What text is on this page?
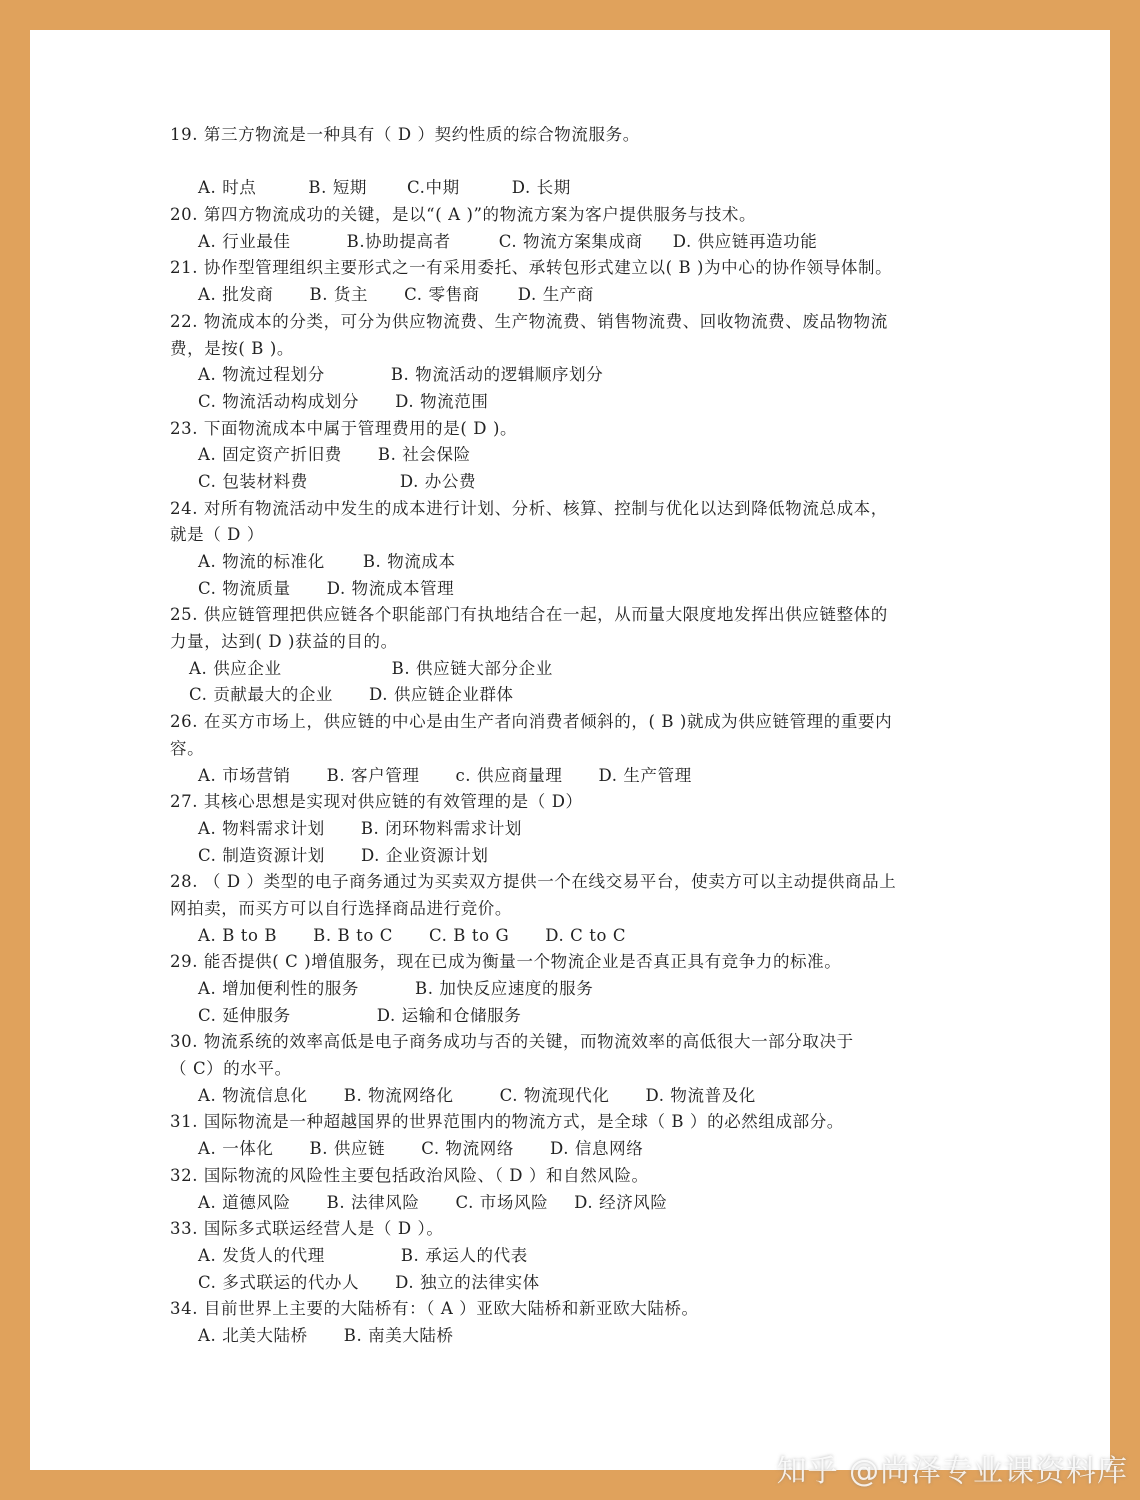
19. 第三方物流是一种具有（ D ）契约性质的综合物流服务。
A. 时点	B. 短期 C.中期	D. 长期
20. 第四方物流成功的关键，是以“( A )”的物流方案为客户提供服务与技术。
A. 行业最佳	B.协助提高者	C. 物流方案集成商 D. 供应链再造功能
21. 协作型管理组织主要形式之一有采用委托、承转包形式建立以( B )为中心的协作领导体制。
A. 批发商 B. 货主 C. 零售商 D. 生产商
22. 物流成本的分类，可分为供应物流费、生产物流费、销售物流费、回收物流费、废品物物流
费，是按( B )。
A. 物流过程划分	B. 物流活动的逻辑顺序划分
C. 物流活动构成划分 D. 物流范围
23. 下面物流成本中属于管理费用的是( D )。
A. 固定资产折旧费 B. 社会保险
C. 包装材料费	D. 办公费
24. 对所有物流活动中发生的成本进行计划、分析、核算、控制与优化以达到降低物流总成本，
就是（ D ）
A. 物流的标准化 B. 物流成本
C. 物流质量 D. 物流成本管理
25. 供应链管理把供应链各个职能部门有执地结合在一起，从而量大限度地发挥出供应链整体的
力量，达到( D )获益的目的。
A. 供应企业	B. 供应链大部分企业
C. 贡献最大的企业 D. 供应链企业群体
26. 在买方市场上，供应链的中心是由生产者向消费者倾斜的，( B )就成为供应链管理的重要内
容。
A. 市场营销 B. 客户管理 c. 供应商量理 D. 生产管理
27. 其核心思想是实现对供应链的有效管理的是（ D）
A. 物料需求计划 B. 闭环物料需求计划
C. 制造资源计划 D. 企业资源计划
28. （ D ）类型的电子商务通过为买卖双方提供一个在线交易平台，使卖方可以主动提供商品上
网拍卖，而买方可以自行选择商品进行竞价。
A. B to B B. B to C C. B to G D. C to C
29. 能否提供( C )增值服务，现在已成为衡量一个物流企业是否真正具有竞争力的标准。
A. 增加便利性的服务	B. 加快反应速度的服务
C. 延伸服务	D. 运输和仓储服务
30. 物流系统的效率高低是电子商务成功与否的关键，而物流效率的高低很大一部分取决于
（ C）的水平。
A. 物流信息化 B. 物流网络化	C. 物流现代化 D. 物流普及化
31. 国际物流是一种超越国界的世界范围内的物流方式，是全球（ B ）的必然组成部分。
A. 一体化 B. 供应链 C. 物流网络 D. 信息网络
32. 国际物流的风险性主要包括政治风险、（ D ）和自然风险。
A. 道德风险 B. 法律风险 C. 市场风险 D. 经济风险
33. 国际多式联运经营人是（ D ）。
A. 发货人的代理	B. 承运人的代表
C. 多式联运的代办人 D. 独立的法律实体
34. 目前世界上主要的大陆桥有：（ A ）亚欧大陆桥和新亚欧大陆桥。
A. 北美大陆桥 B. 南美大陆桥
知乎 @尚泽专业课资料库
